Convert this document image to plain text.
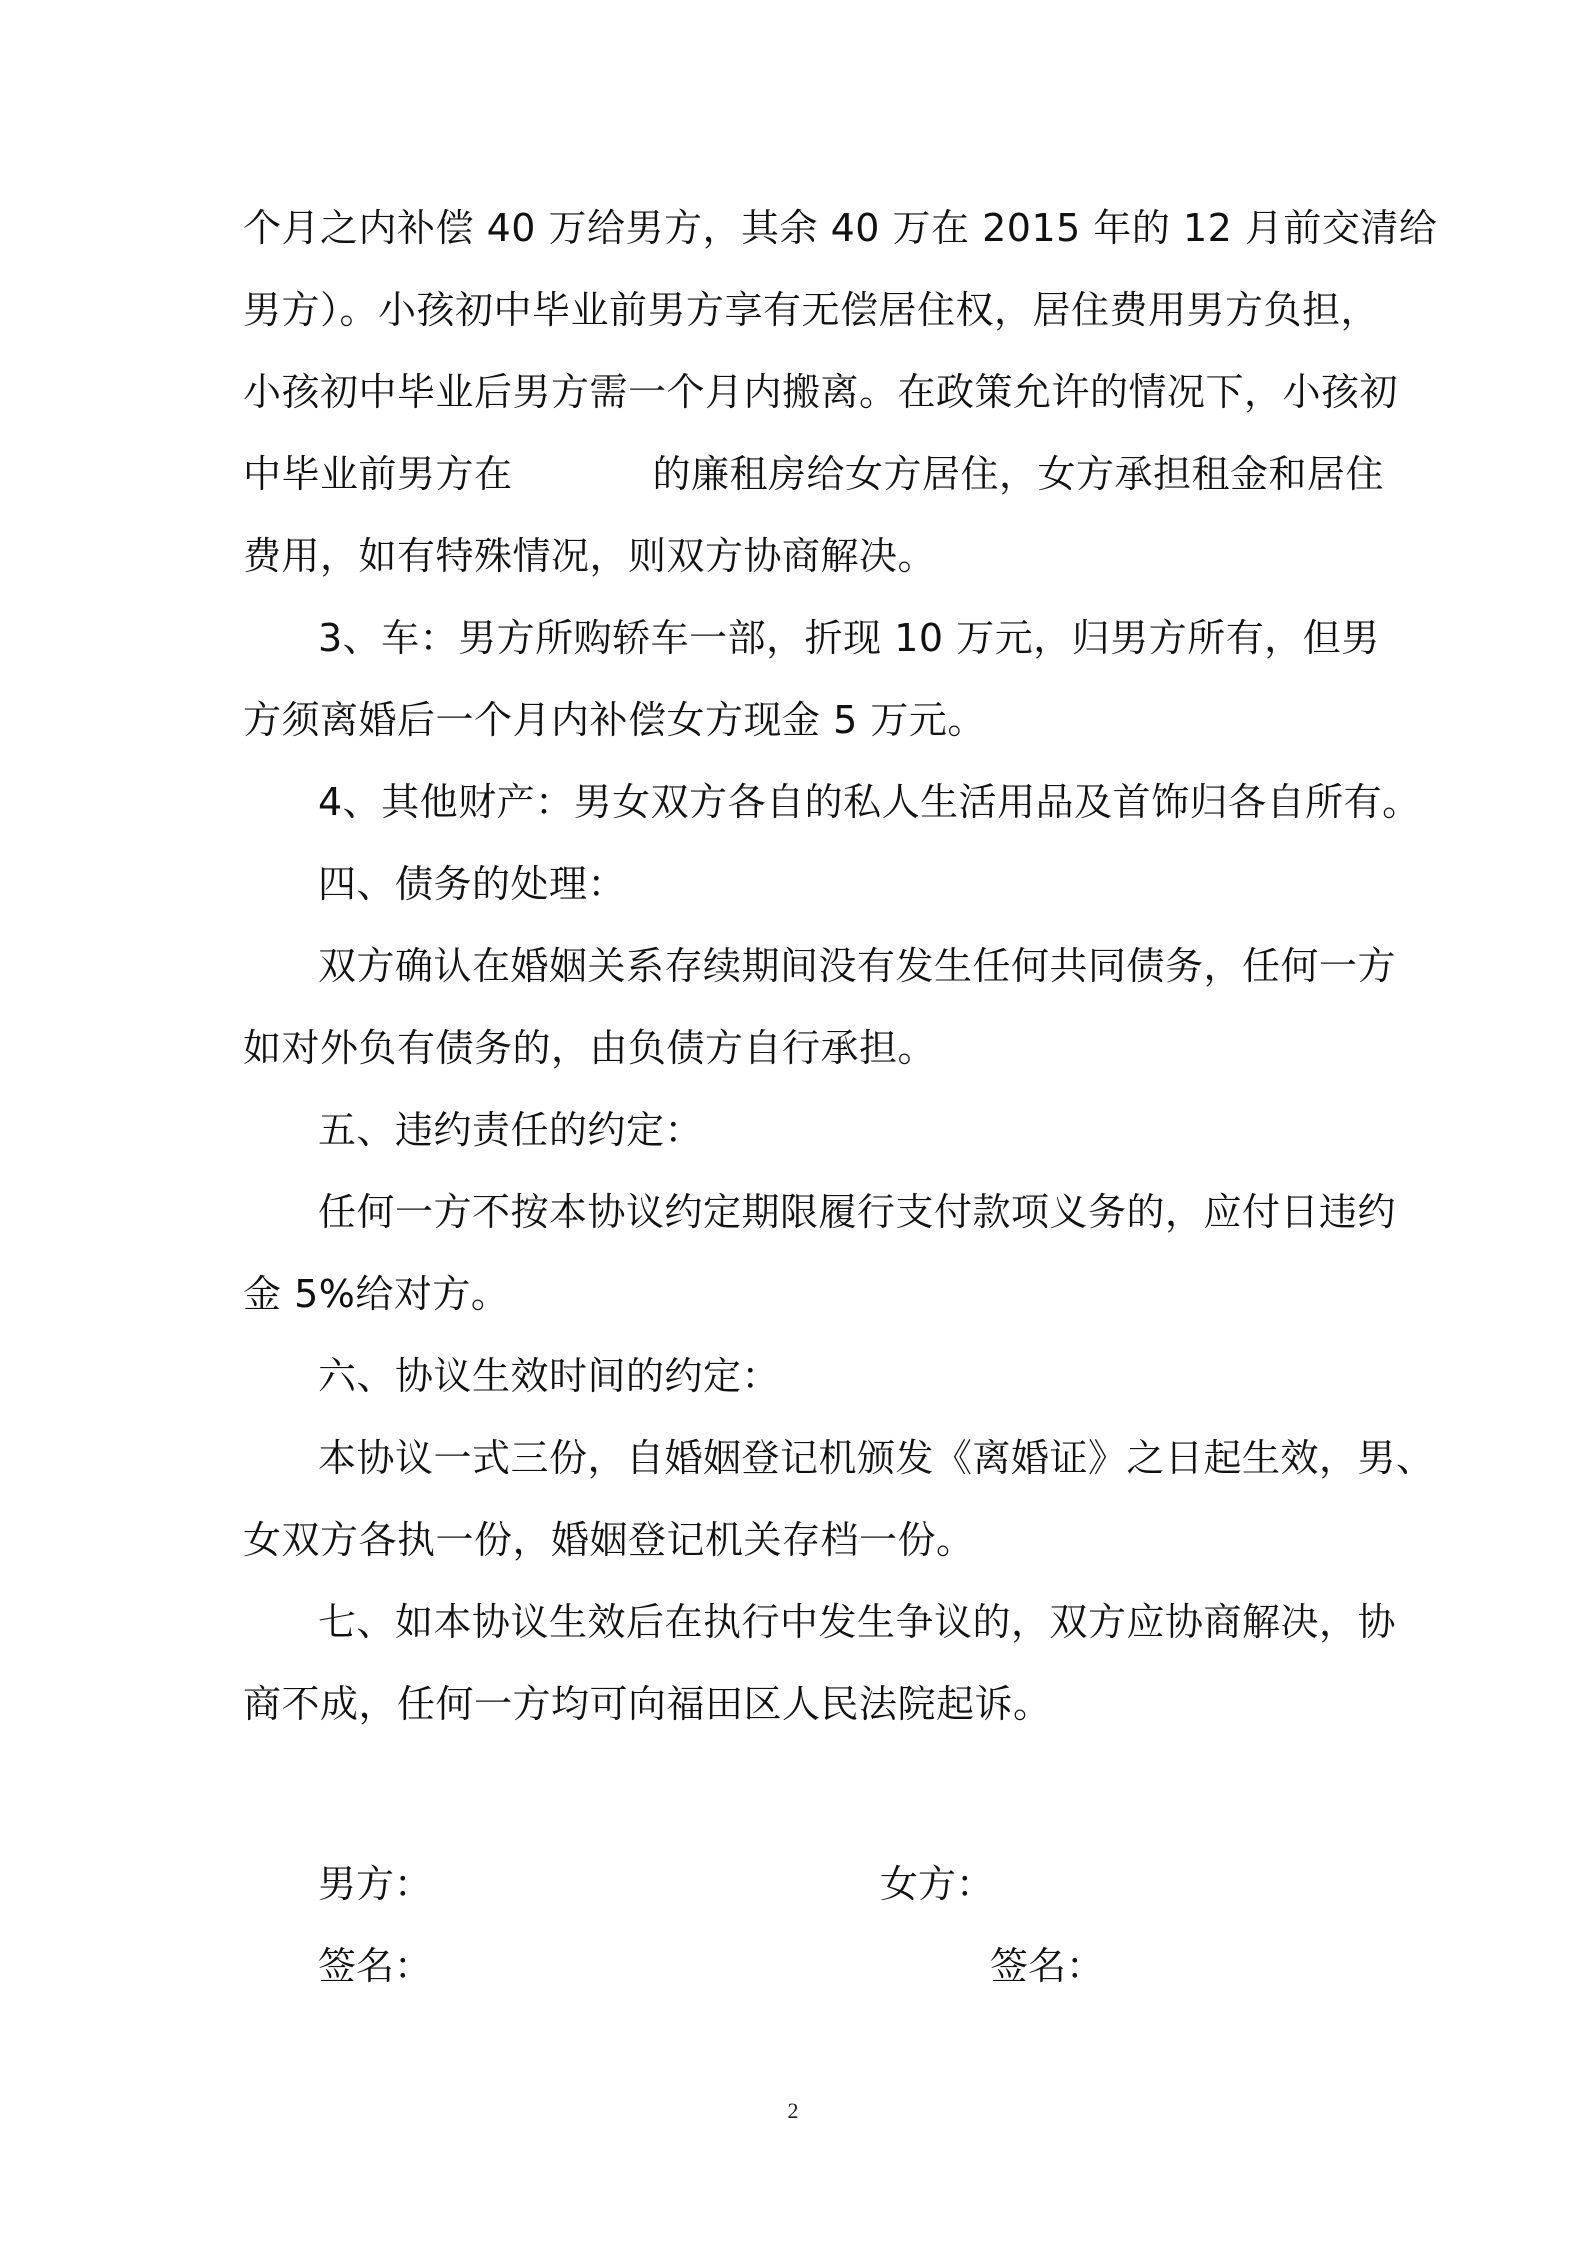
个月之内补偿 40 万给男方，其余 40 万在 2015 年的 12 月前交清给
男方）。小孩初中毕业前男方享有无偿居住权，居住费用男方负担，
小孩初中毕业后男方需一个月内搬离。在政策允许的情况下，小孩初
中毕业前男方在	的廉租房给女方居住，女方承担租金和居住
费用，如有特殊情况，则双方协商解决。
3、车：男方所购轿车一部，折现 10 万元，归男方所有，但男
方须离婚后一个月内补偿女方现金 5 万元。
4、其他财产：男女双方各自的私人生活用品及首饰归各自所有。
四、债务的处理：
双方确认在婚姻关系存续期间没有发生任何共同债务，任何一方
如对外负有债务的，由负债方自行承担。
五、违约责任的约定：
任何一方不按本协议约定期限履行支付款项义务的，应付日违约
金 5%给对方。
六、协议生效时间的约定：
本协议一式三份，自婚姻登记机颁发《离婚证》之日起生效，男、
女双方各执一份，婚姻登记机关存档一份。
七、如本协议生效后在执行中发生争议的，双方应协商解决，协
商不成，任何一方均可向福田区人民法院起诉。
男方：	女方：
签名：	签名：
2
